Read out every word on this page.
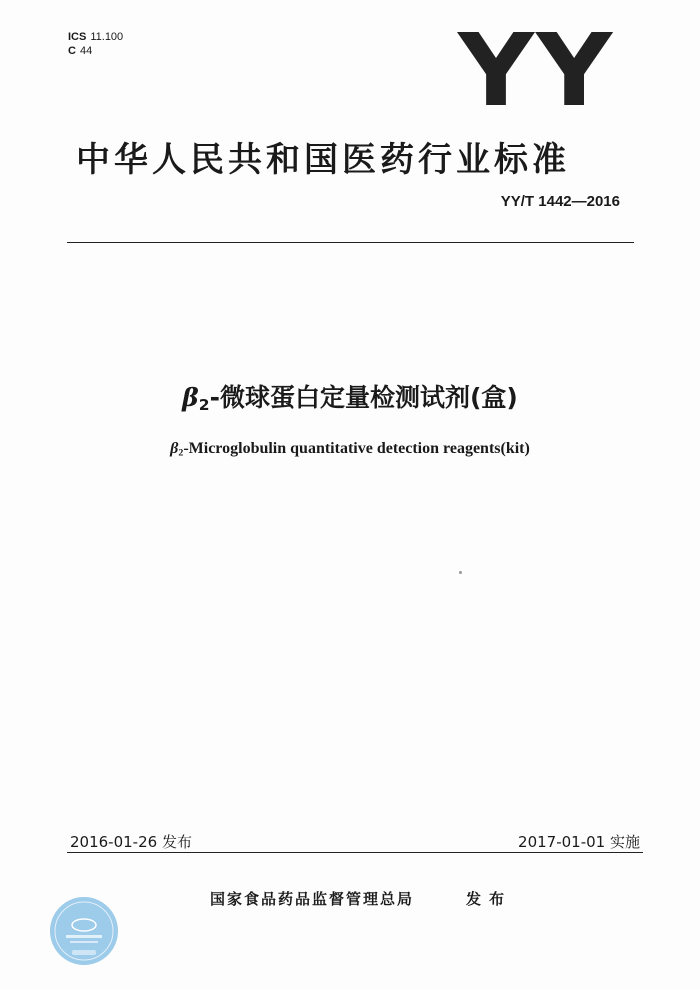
ICS 11.100
C 44	YY
中华人民共和国医药行业标准
YY/T 1442—2016
$\beta_2-$微球蛋白定量检测试剂(盒)
$\beta_2$-Microglobulin quantitative detection reagents(kit)
2016-01-26 发布	2017-01-01 实施
国家食品药品监督管理总局	发布
